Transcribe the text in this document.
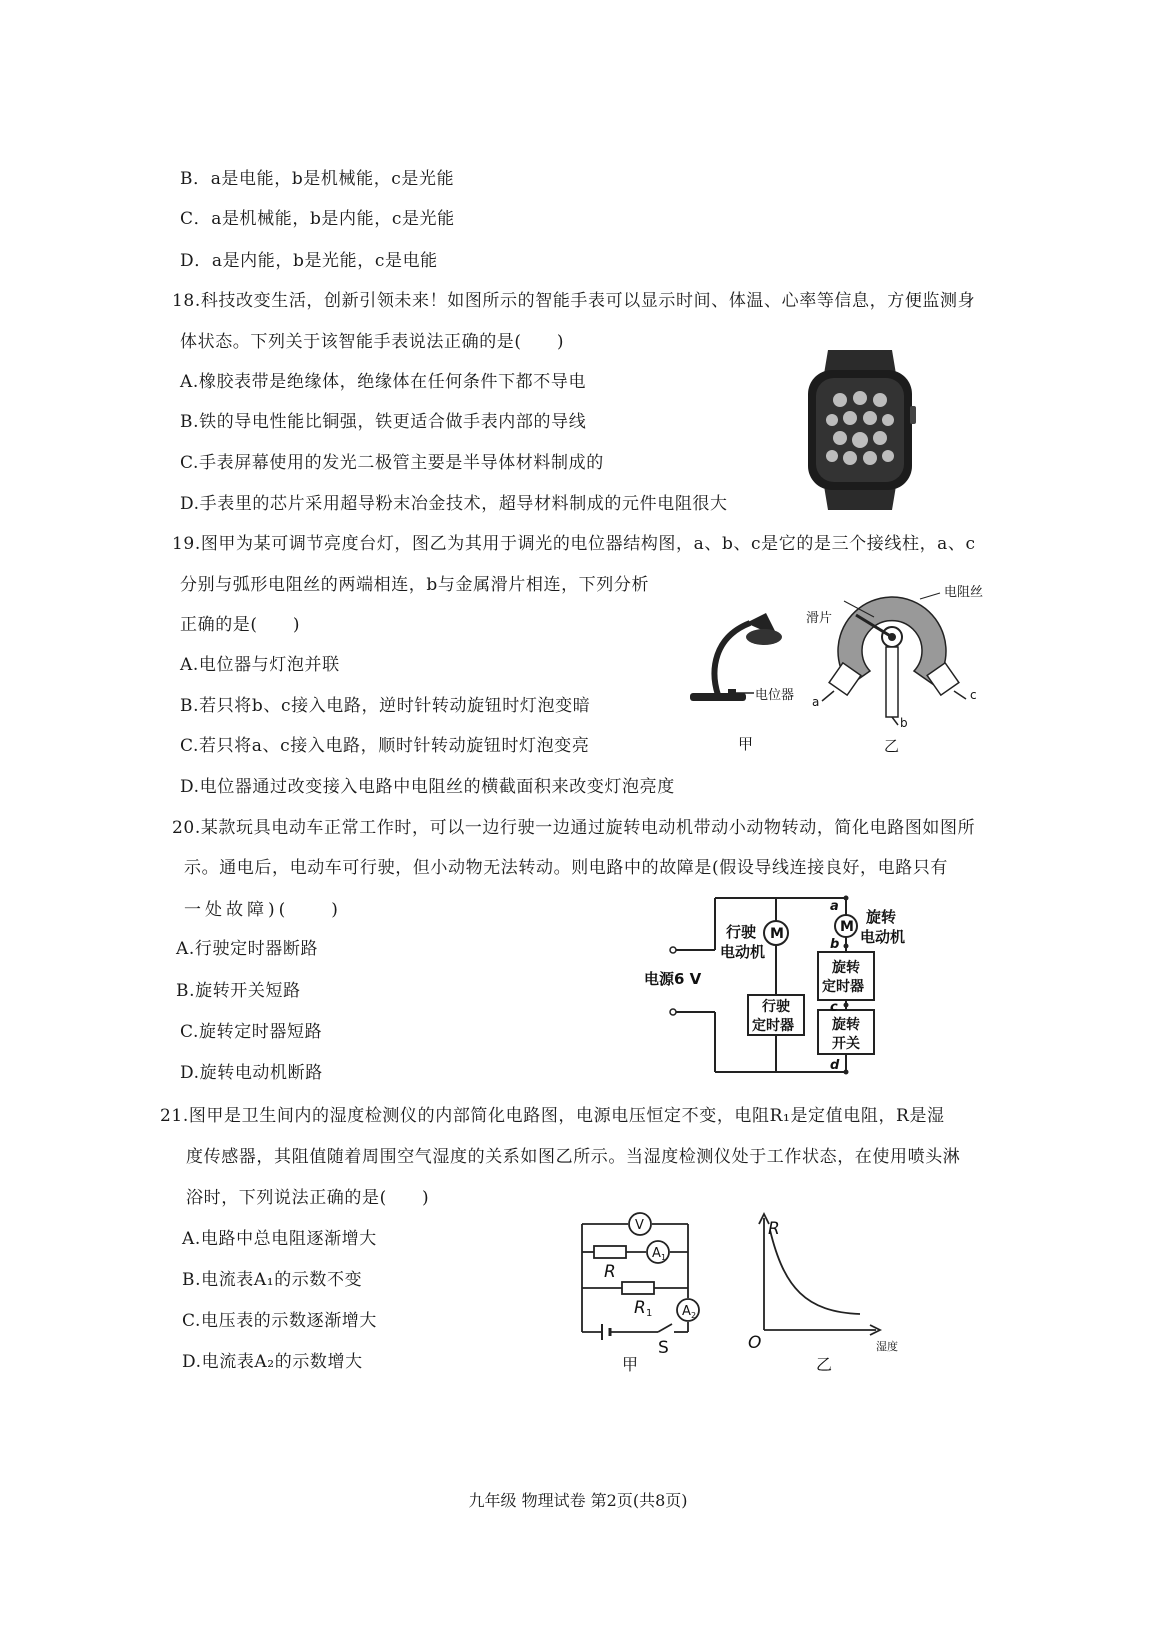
B．a是电能，b是机械能，c是光能
C．a是机械能，b是内能，c是光能
D．a是内能，b是光能，c是电能
18.科技改变生活，创新引领未来！如图所示的智能手表可以显示时间、体温、心率等信息，方便监测身
体状态。下列关于该智能手表说法正确的是(　　)
A.橡胶表带是绝缘体，绝缘体在任何条件下都不导电
B.铁的导电性能比铜强，铁更适合做手表内部的导线
C.手表屏幕使用的发光二极管主要是半导体材料制成的
D.手表里的芯片采用超导粉末冶金技术，超导材料制成的元件电阻很大
19.图甲为某可调节亮度台灯，图乙为其用于调光的电位器结构图，a、b、c是它的是三个接线柱，a、c
分别与弧形电阻丝的两端相连，b与金属滑片相连，下列分析
正确的是(　　)
A.电位器与灯泡并联
B.若只将b、c接入电路，逆时针转动旋钮时灯泡变暗
C.若只将a、c接入电路，顺时针转动旋钮时灯泡变亮
D.电位器通过改变接入电路中电阻丝的横截面积来改变灯泡亮度
电位器
甲
电阻丝
滑片
a	c
b
乙
20.某款玩具电动车正常工作时，可以一边行驶一边通过旋转电动机带动小动物转动，简化电路图如图所
示。通电后，电动车可行驶，但小动物无法转动。则电路中的故障是(假设导线连接良好，电路只有
一处故障)(　　)
A.行驶定时器断路
B.旋转开关短路
C.旋转定时器短路
D.旋转电动机断路
M	M
行驶
定时器
旋转
定时器
旋转
开关
a
b
c
d
行驶
电动机
旋转
电动机
电源6 V
21.图甲是卫生间内的湿度检测仪的内部简化电路图，电源电压恒定不变，电阻R₁是定值电阻，R是湿
度传感器，其阻值随着周围空气湿度的关系如图乙所示。当湿度检测仪处于工作状态，在使用喷头淋
浴时，下列说法正确的是(　　)
A.电路中总电阻逐渐增大
B.电流表A₁的示数不变
C.电压表的示数逐渐增大
D.电流表A₂的示数增大
V
A 1
A 2
R
R 1
S
甲
R
O	湿度
乙
九年级 物理试卷 第2页(共8页)
